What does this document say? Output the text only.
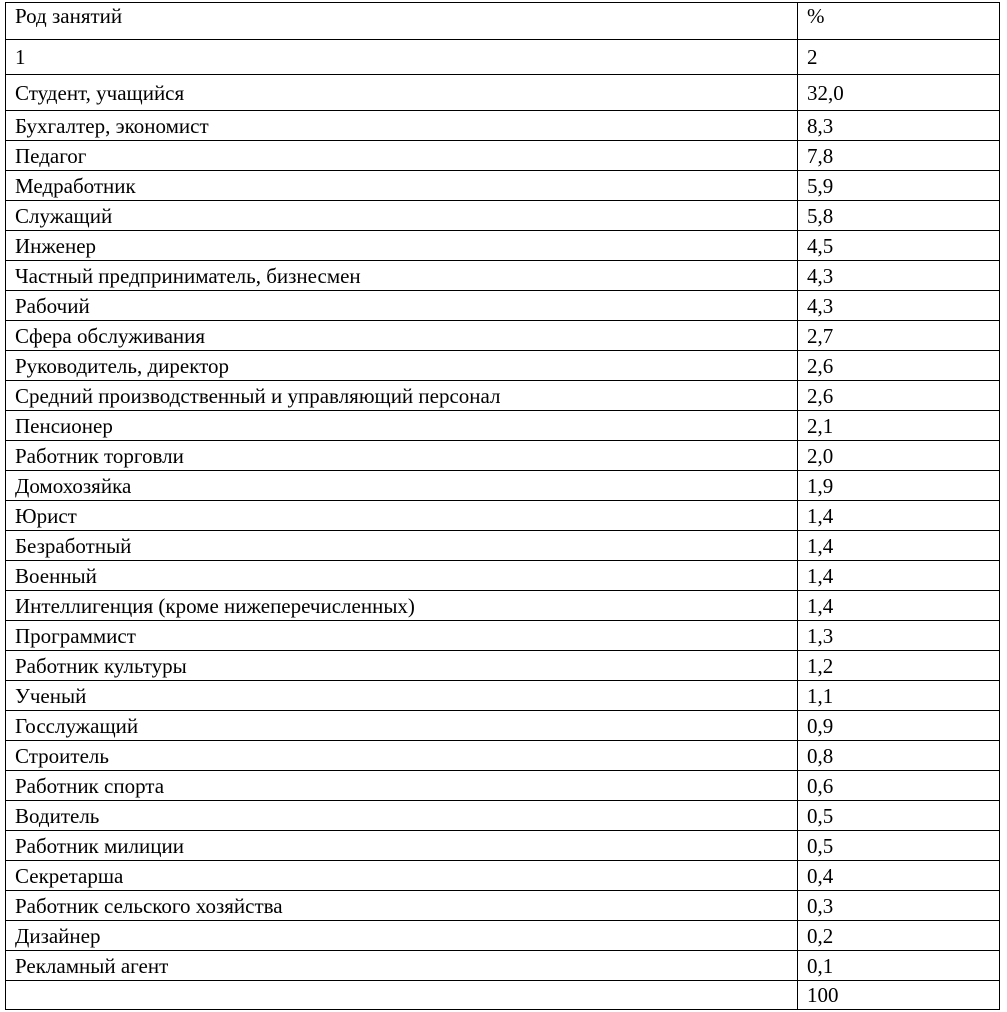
Род занятий	%
1	2
Студент, учащийся	32,0
Бухгалтер, экономист	8,3
Педагог	7,8
Медработник	5,9
Служащий	5,8
Инженер	4,5
Частный предприниматель, бизнесмен	4,3
Рабочий	4,3
Сфера обслуживания	2,7
Руководитель, директор	2,6
Средний производственный и управляющий персонал	2,6
Пенсионер	2,1
Работник торговли	2,0
Домохозяйка	1,9
Юрист	1,4
Безработный	1,4
Военный	1,4
Интеллигенция (кроме нижеперечисленных)	1,4
Программист	1,3
Работник культуры	1,2
Ученый	1,1
Госслужащий	0,9
Строитель	0,8
Работник спорта	0,6
Водитель	0,5
Работник милиции	0,5
Секретарша	0,4
Работник сельского хозяйства	0,3
Дизайнер	0,2
Рекламный агент	0,1
	100
